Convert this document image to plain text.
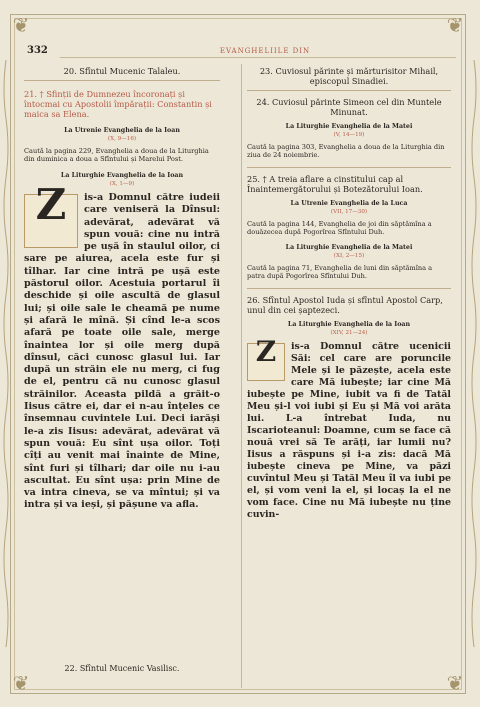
❦	❦
❦	❦
332	EVANGHELIILE DIN
20. Sfîntul Mucenic Talaleu.
21. † Sfinții de Dumnezeu încoronați și întocmai cu Apostolii împărații: Constantin și maica sa Elena.
La Utrenie Evanghelia de la Ioan
(X, 9—16)
Caută la pagina 229, Evanghelia a doua de la Liturghia din duminica a doua a Sfîntului și Marelui Post.
La Liturghie Evanghelia de la Ioan
(X, 1—9)
Z	is-a Domnul către iudeii care veniseră la Dînsul: adevărat, adevărat vă spun vouă: cine nu intră pe ușă în staulul oilor, ci sare pe aiurea, acela este fur și tîlhar. Iar cine intră pe ușă este păstorul oilor. Acestuia portarul îi deschide și oile ascultă de glasul lui; și oile sale le cheamă pe nume și afară le mînă. Și cînd le-a scos afară pe toate oile sale, merge înaintea lor și oile merg după dînsul, căci cunosc glasul lui. Iar după un străin ele nu merg, ci fug de el, pentru că nu cunosc glasul străinilor. Aceasta pildă a grăit-o Iisus către ei, dar ei n-au înțeles ce însemnau cuvintele Lui. Deci iarăși le-a zis Iisus: adevărat, adevărat vă spun vouă: Eu sînt ușa oilor. Toți cîți au venit mai înainte de Mine, sînt furi și tîlhari; dar oile nu i-au ascultat. Eu sînt ușa: prin Mine de va intra cineva, se va mîntui; și va intra și va ieși, și pășune va afla.
22. Sfîntul Mucenic Vasilisc.
23. Cuviosul părinte și mărturisitor Mihail, episcopul Sinadiei.
24. Cuviosul părinte Simeon cel din Muntele Minunat.
La Liturghie Evanghelia de la Matei
(V, 14—19)
Caută la pagina 303, Evanghelia a doua de la Liturghia din ziua de 24 noiembrie.
25. † A treia aflare a cinstitului cap al Înaintemergătorului și Botezătorului Ioan.
La Utrenie Evanghelia de la Luca
(VII, 17—30)
Caută la pagina 144, Evanghelia de joi din săptămîna a douăzecea după Pogorîrea Sfîntului Duh.
La Liturghie Evanghelia de la Matei
(XI, 2—15)
Caută la pagina 71, Evanghelia de luni din săptămîna a patra după Pogorîrea Sfîntului Duh.
26. Sfîntul Apostol Iuda și sfîntul Apostol Carp, unul din cei șaptezeci.
La Liturghie Evanghelia de la Ioan
(XIV, 21—24)
Z	is-a Domnul către ucenicii Săi: cel care are poruncile Mele și le păzește, acela este care Mă iubește; iar cine Mă iubește pe Mine, iubit va fi de Tatăl Meu și-l voi iubi și Eu și Mă voi arăta lui. L-a întrebat Iuda, nu Iscarioteanul: Doamne, cum se face că nouă vrei să Te arăți, iar lumii nu? Iisus a răspuns și i-a zis: dacă Mă iubește cineva pe Mine, va păzi cuvîntul Meu și Tatăl Meu îl va iubi pe el, și vom veni la el, și locaș la el ne vom face. Cine nu Mă iubește nu ține cuvin-
